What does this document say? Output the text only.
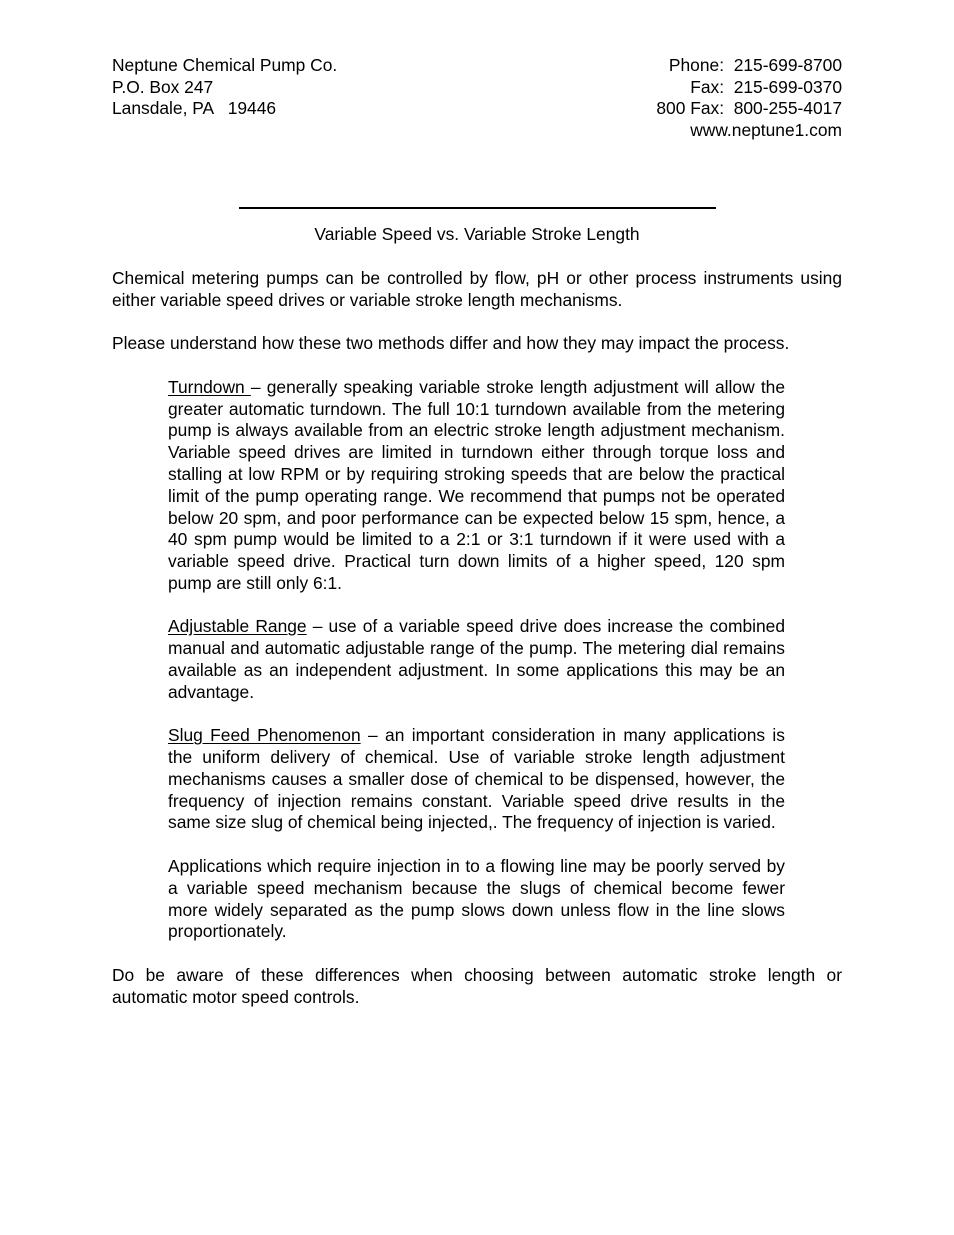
Neptune Chemical Pump Co.
P.O. Box 247
Lansdale, PA   19446
Phone:  215-699-8700
Fax:  215-699-0370
800 Fax:  800-255-4017
www.neptune1.com
Variable Speed vs. Variable Stroke Length

Chemical metering pumps can be controlled by flow, pH or other process instruments using either variable speed drives or variable stroke length mechanisms.

Please understand how these two methods differ and how they may impact the process.

Turndown – generally speaking variable stroke length adjustment will allow the greater automatic turndown. The full 10:1 turndown available from the metering pump is always available from an electric stroke length adjustment mechanism. Variable speed drives are limited in turndown either through torque loss and stalling at low RPM or by requiring stroking speeds that are below the practical limit of the pump operating range. We recommend that pumps not be operated below 20 spm, and poor performance can be expected below 15 spm, hence, a 40 spm pump would be limited to a 2:1 or 3:1 turndown if it were used with a variable speed drive. Practical turn down limits of a higher speed, 120 spm pump are still only 6:1.

Adjustable Range – use of a variable speed drive does increase the combined manual and automatic adjustable range of the pump. The metering dial remains available as an independent adjustment. In some applications this may be an advantage.

Slug Feed Phenomenon – an important consideration in many applications is the uniform delivery of chemical. Use of variable stroke length adjustment mechanisms causes a smaller dose of chemical to be dispensed, however, the frequency of injection remains constant. Variable speed drive results in the same size slug of chemical being injected,. The frequency of injection is varied.

Applications which require injection in to a flowing line may be poorly served by a variable speed mechanism because the slugs of chemical become fewer more widely separated as the pump slows down unless flow in the line slows proportionately.

Do be aware of these differences when choosing between automatic stroke length or automatic motor speed controls.
